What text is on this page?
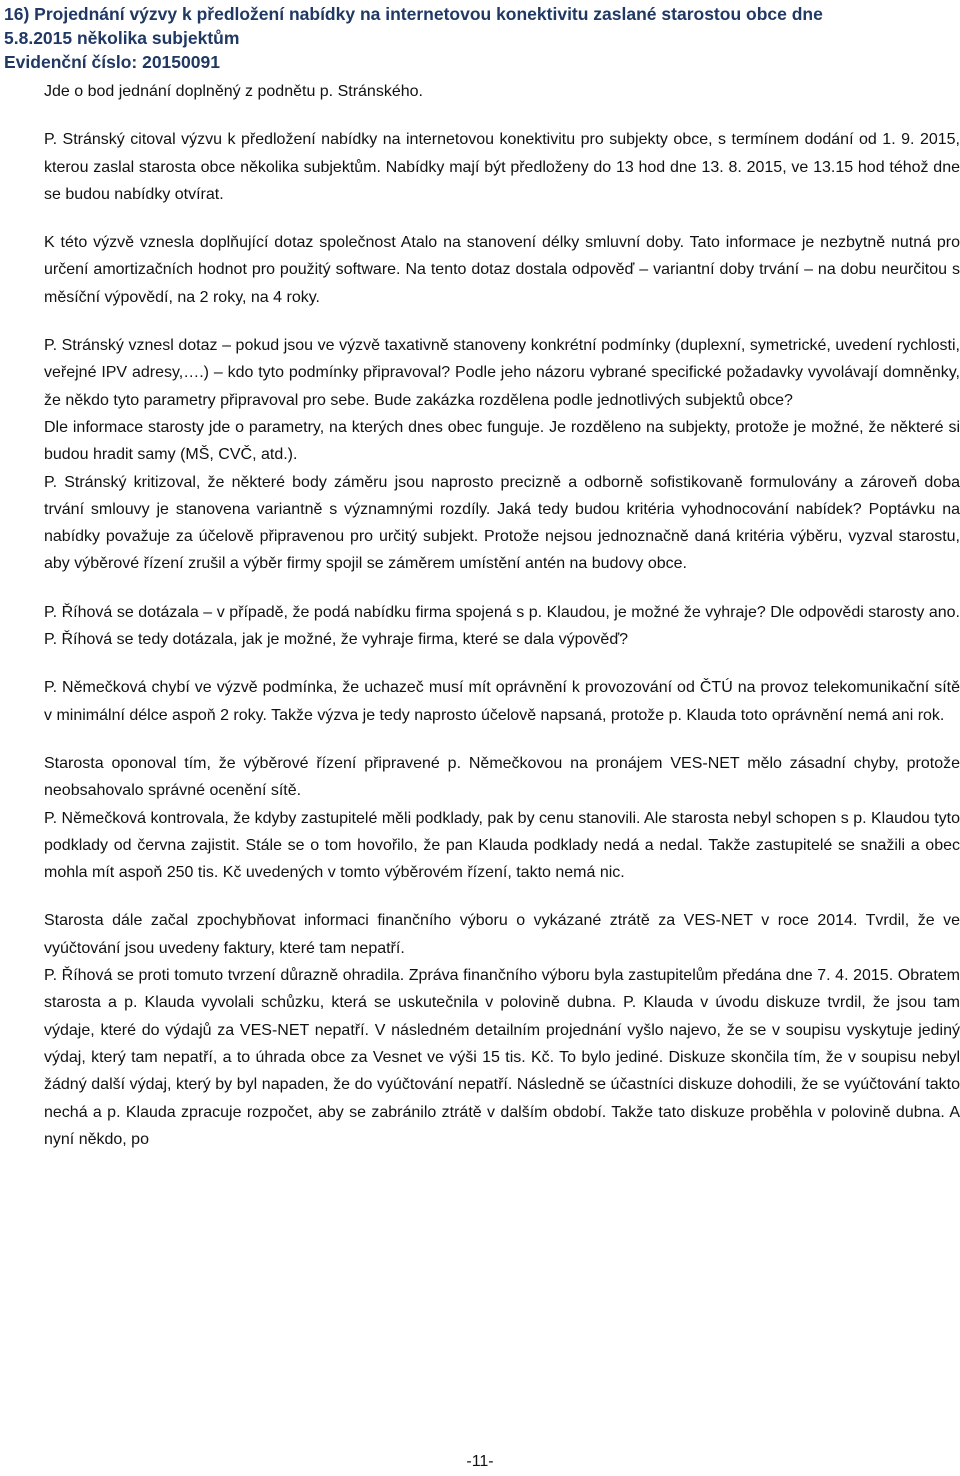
16) Projednání výzvy k předložení nabídky na internetovou konektivitu zaslané starostou obce dne
5.8.2015 několika subjektům
Evidenční číslo: 20150091

Jde o bod jednání doplněný z podnětu p. Stránského.

P. Stránský citoval výzvu k předložení nabídky na internetovou konektivitu pro subjekty obce, s termínem dodání od 1. 9. 2015, kterou zaslal starosta obce několika subjektům. Nabídky mají být předloženy do 13 hod dne 13. 8. 2015, ve 13.15 hod téhož dne se budou nabídky otvírat.

K této výzvě vznesla doplňující dotaz společnost Atalo na stanovení délky smluvní doby. Tato informace je nezbytně nutná pro určení amortizačních hodnot pro použitý software. Na tento dotaz dostala odpověď – variantní doby trvání – na dobu neurčitou s měsíční výpovědí, na 2 roky, na 4 roky.

P. Stránský vznesl dotaz – pokud jsou ve výzvě taxativně stanoveny konkrétní podmínky (duplexní, symetrické, uvedení rychlosti, veřejné IPV adresy,….) – kdo tyto podmínky připravoval? Podle jeho názoru vybrané specifické požadavky vyvolávají domněnky, že někdo tyto parametry připravoval pro sebe. Bude zakázka rozdělena podle jednotlivých subjektů obce?

Dle informace starosty jde o parametry, na kterých dnes obec funguje. Je rozděleno na subjekty, protože je možné, že některé si budou hradit samy (MŠ, CVČ, atd.).

P. Stránský kritizoval, že některé body záměru jsou naprosto precizně a odborně sofistikovaně formulovány a zároveň doba trvání smlouvy je stanovena variantně s významnými rozdíly. Jaká tedy budou kritéria vyhodnocování nabídek? Poptávku na nabídky považuje za účelově připravenou pro určitý subjekt. Protože nejsou jednoznačně daná kritéria výběru, vyzval starostu, aby výběrové řízení zrušil a výběr firmy spojil se záměrem umístění antén na budovy obce.

P. Říhová se dotázala – v případě, že podá nabídku firma spojená s p. Klaudou, je možné že vyhraje? Dle odpovědi starosty ano. P. Říhová se tedy dotázala, jak je možné, že vyhraje firma, které se dala výpověď?

P. Němečková chybí ve výzvě podmínka, že uchazeč musí mít oprávnění k provozování od ČTÚ na provoz telekomunikační sítě v minimální délce aspoň 2 roky. Takže výzva je tedy naprosto účelově napsaná, protože p. Klauda toto oprávnění nemá ani rok.

Starosta oponoval tím, že výběrové řízení připravené p. Němečkovou na pronájem VES-NET mělo zásadní chyby, protože neobsahovalo správné ocenění sítě.

P. Němečková kontrovala, že kdyby zastupitelé měli podklady, pak by cenu stanovili. Ale starosta nebyl schopen s p. Klaudou tyto podklady od června zajistit. Stále se o tom hovořilo, že pan Klauda podklady nedá a nedal. Takže zastupitelé se snažili a obec mohla mít aspoň 250 tis. Kč uvedených v tomto výběrovém řízení, takto nemá nic.

Starosta dále začal zpochybňovat informaci finančního výboru o vykázané ztrátě za VES-NET v roce 2014. Tvrdil, že ve vyúčtování jsou uvedeny faktury, které tam nepatří.

P. Říhová se proti tomuto tvrzení důrazně ohradila. Zpráva finančního výboru byla zastupitelům předána dne 7. 4. 2015. Obratem starosta a p. Klauda vyvolali schůzku, která se uskutečnila v polovině dubna. P. Klauda v úvodu diskuze tvrdil, že jsou tam výdaje, které do výdajů za VES-NET nepatří. V následném detailním projednání vyšlo najevo, že se v soupisu vyskytuje jediný výdaj, který tam nepatří, a to úhrada obce za Vesnet ve výši 15 tis. Kč. To bylo jediné. Diskuze skončila tím, že v soupisu nebyl žádný další výdaj, který by byl napaden, že do vyúčtování nepatří. Následně se účastníci diskuze dohodili, že se vyúčtování takto nechá a p. Klauda zpracuje rozpočet, aby se zabránilo ztrátě v dalším období. Takže tato diskuze proběhla v polovině dubna. A nyní někdo, po

-11-
